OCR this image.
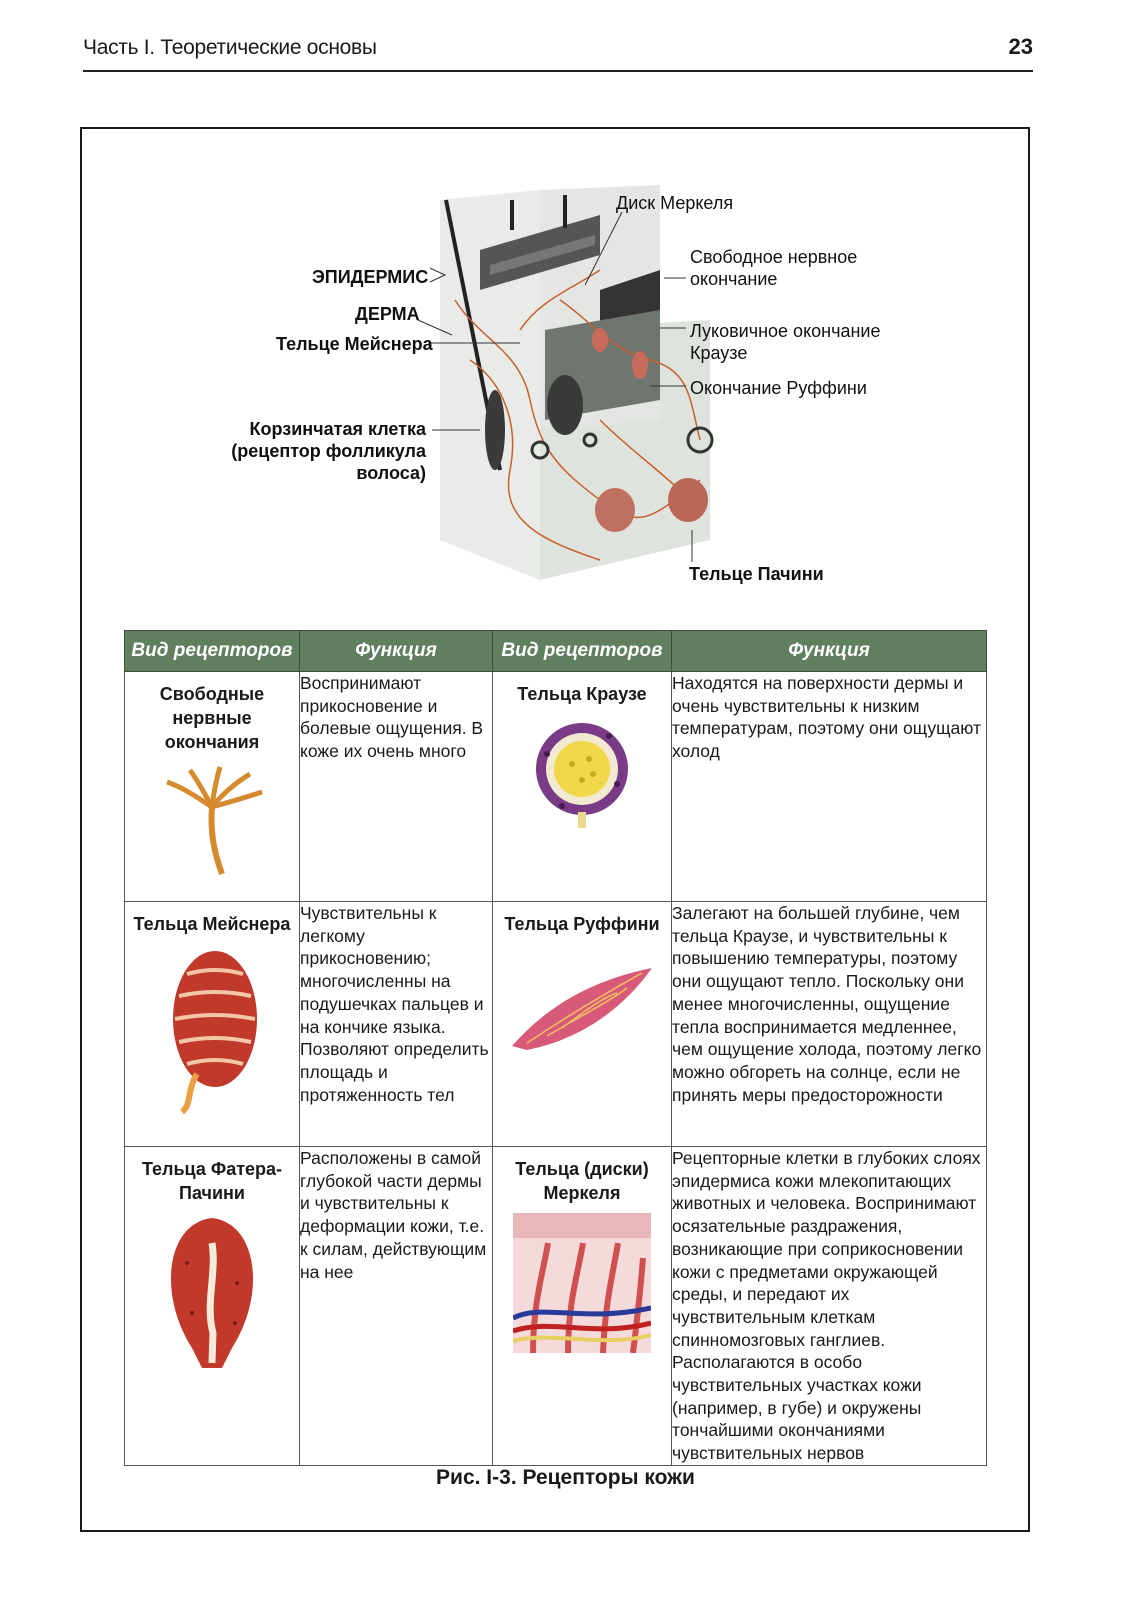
Часть I. Теоретические основы	23
Диск Меркеля
Свободное нервное
окончание
ЭПИДЕРМИС
ДЕРМА
Тельце Мейснера
Луковичное окончание
Краузе
Окончание Руффини
Корзинчатая клетка
(рецептор фолликула
волоса)
Тельце Пачини
Вид рецепторов	Функция	Вид рецепторов	Функция

Свободные нервные окончания	Воспринимают прикосновение и болевые ощущения. В коже их очень много	Тельца Краузе	Находятся на поверхности дермы и очень чувствительны к низким температурам, поэтому они ощущают холод

Тельца Мейснера	Чувствительны к легкому прикосновению; многочисленны на подушечках пальцев и на кончике языка. Позволяют определить площадь и протяженность тел	Тельца Руффини	Залегают на большей глубине, чем тельца Краузе, и чувствительны к повышению температуры, поэтому они ощущают тепло. Поскольку они менее многочисленны, ощущение тепла воспринимается медленнее, чем ощущение холода, поэтому легко можно обгореть на солнце, если не принять меры предосторожности

Тельца Фатера-Пачини	Расположены в самой глубокой части дермы и чувствительны к деформации кожи, т.е. к силам, действующим на нее	Тельца (диски) Меркеля	Рецепторные клетки в глубоких слоях эпидермиса кожи млекопитающих животных и человека. Воспринимают осязательные раздражения, возникающие при соприкосновении кожи с предметами окружающей среды, и передают их чувствительным клеткам спинномозговых ганглиев. Располагаются в особо чувствительных участках кожи (например, в губе) и окружены тончайшими окончаниями чувствительных нервов
Рис. I-3. Рецепторы кожи
